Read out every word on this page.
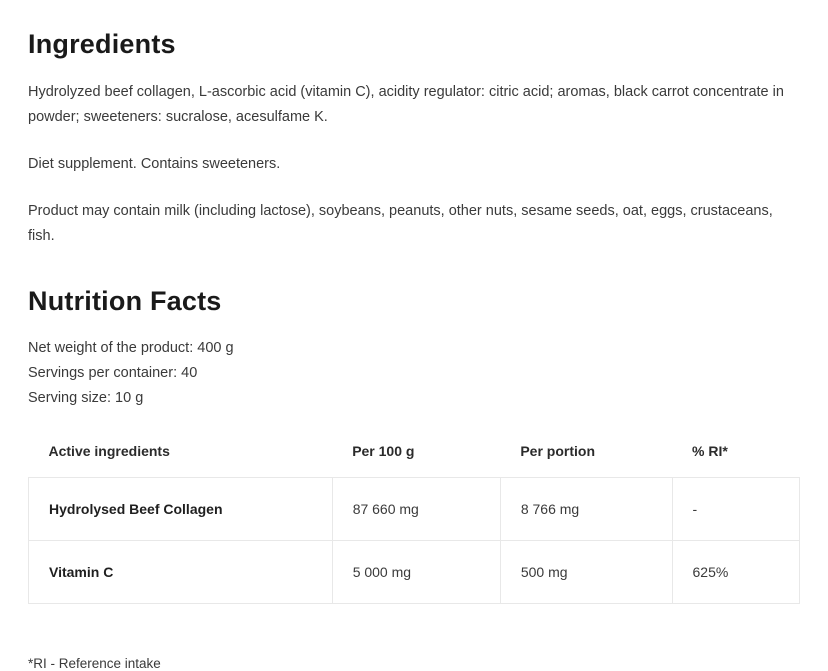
Ingredients

Hydrolyzed beef collagen, L-ascorbic acid (vitamin C), acidity regulator: citric acid; aromas, black carrot concentrate in powder; sweeteners: sucralose, acesulfame K.

Diet supplement. Contains sweeteners.

Product may contain milk (including lactose), soybeans, peanuts, other nuts, sesame seeds, oat, eggs, crustaceans, fish.

Nutrition Facts
Net weight of the product: 400 g
Servings per container: 40
Serving size: 10 g
Active ingredients	Per 100 g	Per portion	% RI*
Hydrolysed Beef Collagen	87 660 mg	8 766 mg	-
Vitamin C	5 000 mg	500 mg	625%
*RI - Reference intake
